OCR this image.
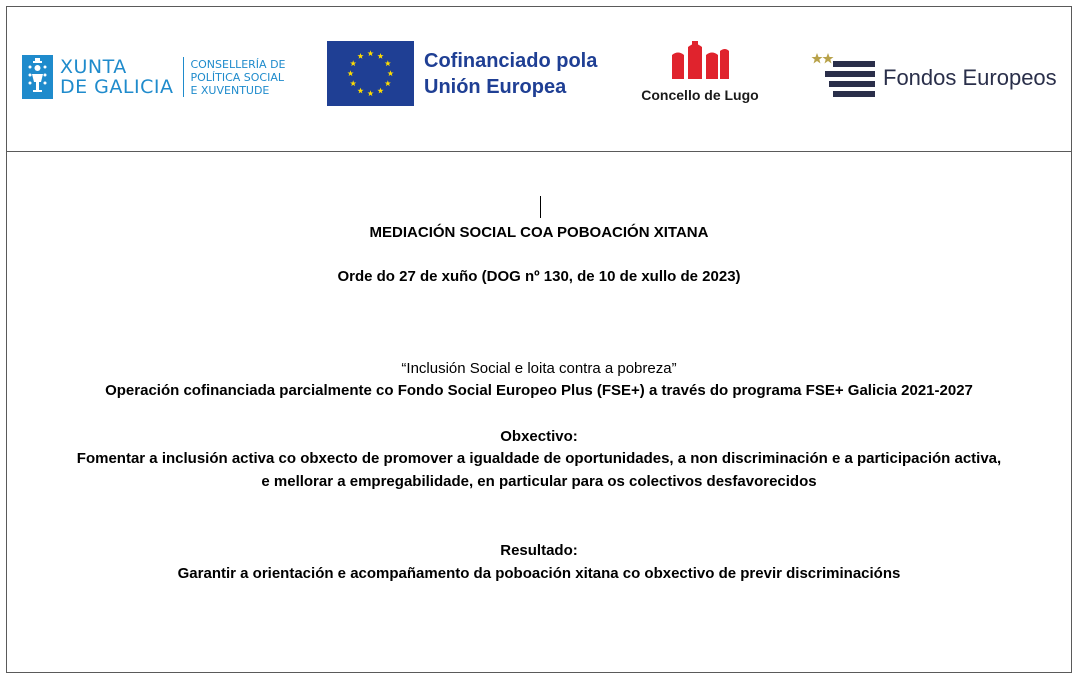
XUNTA
DE GALICIA
CONSELLERÍA DE
POLÍTICA SOCIAL
E XUVENTUDE
Cofinanciado pola
Unión Europea	Concello de Lugo
Fondos Europeos
MEDIACIÓN SOCIAL COA POBOACIÓN XITANA
Orde do 27 de xuño (DOG nº 130, de 10 de xullo de 2023)
“Inclusión Social e loita contra a pobreza”
Operación cofinanciada parcialmente co Fondo Social Europeo Plus (FSE+) a través do programa FSE+ Galicia 2021-2027
Obxectivo:
Fomentar a inclusión activa co obxecto de promover a igualdade de oportunidades, a non discriminación e a participación activa,
e mellorar a empregabilidade, en particular para os colectivos desfavorecidos
Resultado:
Garantir a orientación e acompañamento da poboación xitana co obxectivo de previr discriminacións
